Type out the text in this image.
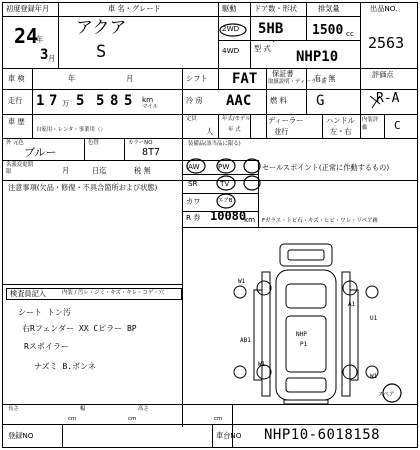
初度登録年月
24
年
3 月
車 名・グレード
アクア
S
駆動
2WD
4WD
ドア数・形状
5HB
・
型 式
NHP10
排気量
1500 cc
出品NO.
2563
車 検	年	月	シフト FAT 保証書
取扱説明・ディーラー新
有・無	評価点
R-A
走行 1 7 万 5 5 8 5 km
マイル
冷 房 AAC	燃 料 G
車 歴
自家用・レンタ・事業用（）
定員
人
年式/モデル
年 式
ディーラー
並行
ハンドル
左・右
内装評価	C
外 元色
ブルー
色替	カラーNO
8T7
名義変更期限	月	日迄	税 無
装備品(該当品に限る)
AW	PW
SR	TV
カワ	エアB
R 券 10080
km
注意事項(欠品・修復・不具合箇所および状態)
セールスポイント(正常に作動するもの)
Fガラス・トピ石・キズ・ヒビ・ワレ・リペア跡
検査員記入	内装 / 汚レ・ジミ・キズ・キレ・コゲ・穴
シート トン汚
右Rフェンダー XX Cピラー BP
Rスポイラー
ナズミ B.ボンネ
長さ
cm
幅
cm
高さ
cm
登録NO	車台NO NHP10-6018158
スペア
W1
A1
AB1
NHP
P1
U1
W1
W1
